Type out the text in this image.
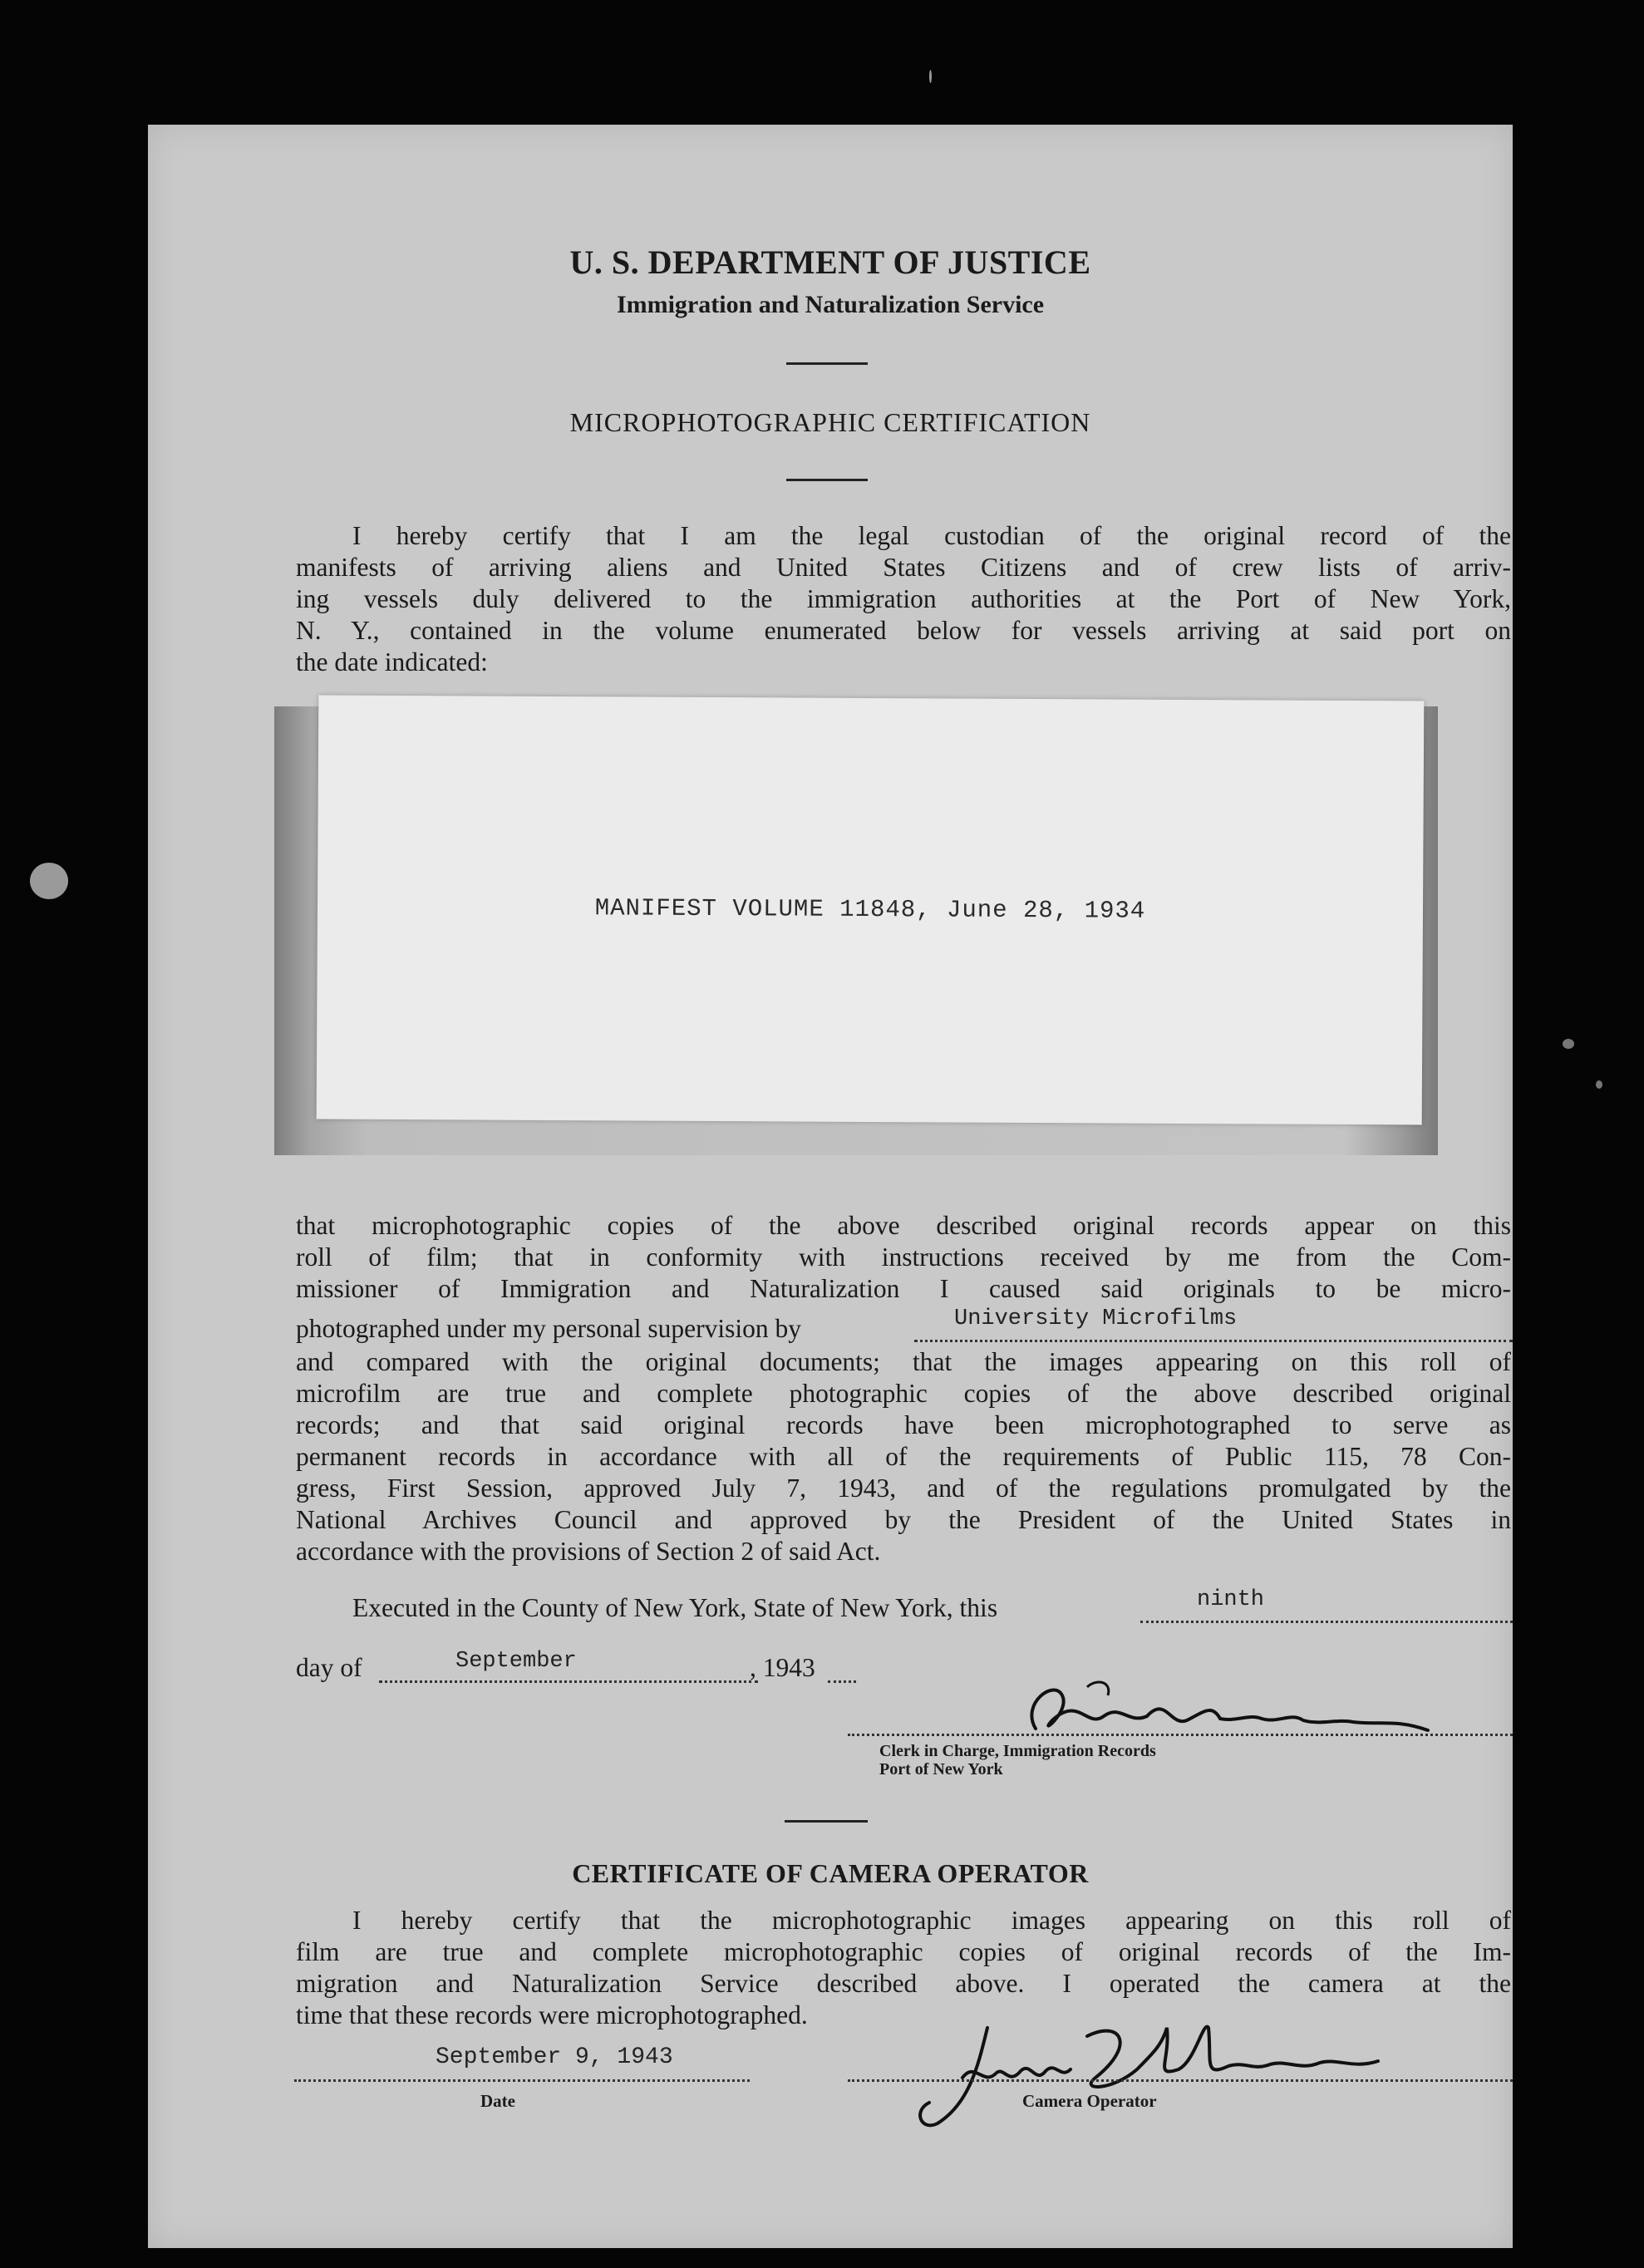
U. S. DEPARTMENT OF JUSTICE
Immigration and Naturalization Service
MICROPHOTOGRAPHIC CERTIFICATION
I hereby certify that I am the legal custodian of the original record of the
manifests of arriving aliens and United States Citizens and of crew lists of arriv-
ing vessels duly delivered to the immigration authorities at the Port of New York,
N. Y., contained in the volume enumerated below for vessels arriving at said port on
the date indicated:
MANIFEST VOLUME 11848, June 28, 1934
that microphotographic copies of the above described original records appear on this
roll of film; that in conformity with instructions received by me from the Com-
missioner of Immigration and Naturalization I caused said originals to be micro-
photographed under my personal supervision by	University Microfilms
and compared with the original documents; that the images appearing on this roll of
microfilm are true and complete photographic copies of the above described original
records; and that said original records have been microphotographed to serve as
permanent records in accordance with all of the requirements of Public 115, 78 Con-
gress, First Session, approved July 7, 1943, and of the regulations promulgated by the
National Archives Council and approved by the President of the United States in
accordance with the provisions of Section 2 of said Act.
Executed in the County of New York, State of New York, this	ninth
day of	September	, 1943
Clerk in Charge, Immigration Records
Port of New York
CERTIFICATE OF CAMERA OPERATOR
I hereby certify that the microphotographic images appearing on this roll of
film are true and complete microphotographic copies of original records of the Im-
migration and Naturalization Service described above. I operated the camera at the
time that these records were microphotographed.
September 9, 1943
Date	Camera Operator
